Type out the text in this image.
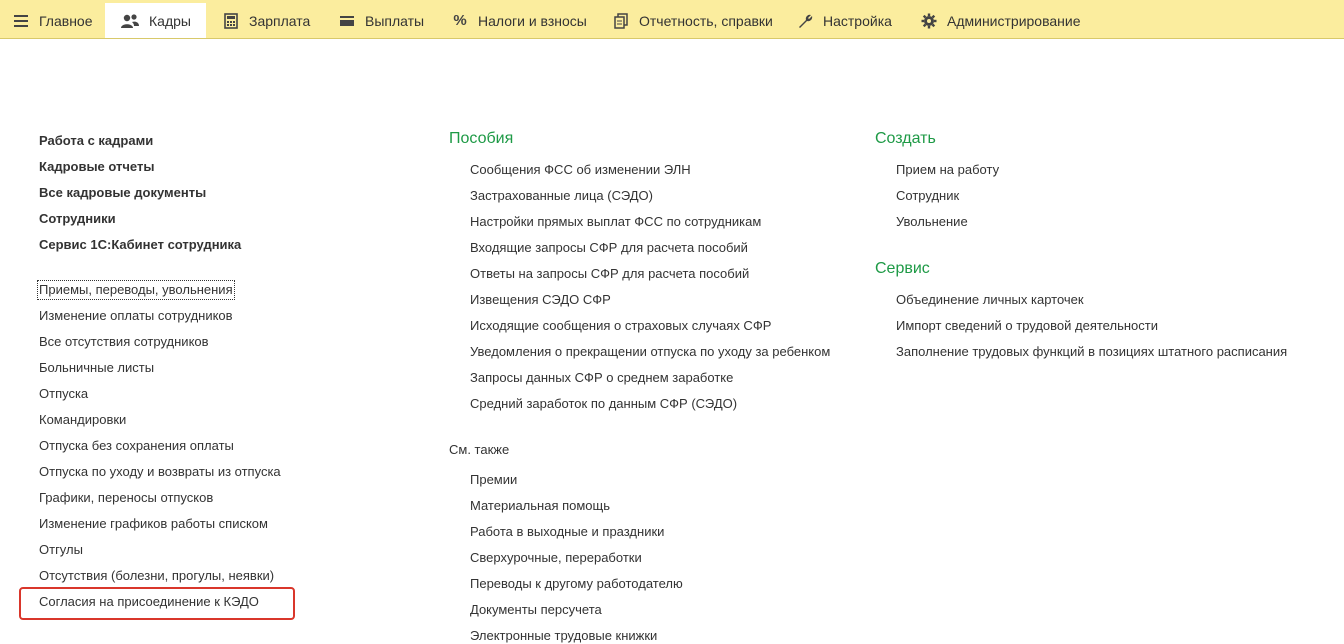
Главное	Кадры	Зарплата	Выплаты % Налоги и взносы	Отчетность, справки	Настройка	Администрирование
Работа с кадрами
Кадровые отчеты
Все кадровые документы
Сотрудники
Сервис 1С:Кабинет сотрудника
Приемы, переводы, увольнения
Изменение оплаты сотрудников
Все отсутствия сотрудников
Больничные листы
Отпуска
Командировки
Отпуска без сохранения оплаты
Отпуска по уходу и возвраты из отпуска
Графики, переносы отпусков
Изменение графиков работы списком
Отгулы
Отсутствия (болезни, прогулы, неявки)
Согласия на присоединение к КЭДО
Пособия
Сообщения ФСС об изменении ЭЛН
Застрахованные лица (СЭДО)
Настройки прямых выплат ФСС по сотрудникам
Входящие запросы СФР для расчета пособий
Ответы на запросы СФР для расчета пособий
Извещения СЭДО СФР
Исходящие сообщения о страховых случаях СФР
Уведомления о прекращении отпуска по уходу за ребенком
Запросы данных СФР о среднем заработке
Средний заработок по данным СФР (СЭДО)
См. также
Премии
Материальная помощь
Работа в выходные и праздники
Сверхурочные, переработки
Переводы к другому работодателю
Документы персучета
Электронные трудовые книжки
Создать
Прием на работу
Сотрудник
Увольнение
Сервис
Объединение личных карточек
Импорт сведений о трудовой деятельности
Заполнение трудовых функций в позициях штатного расписания
